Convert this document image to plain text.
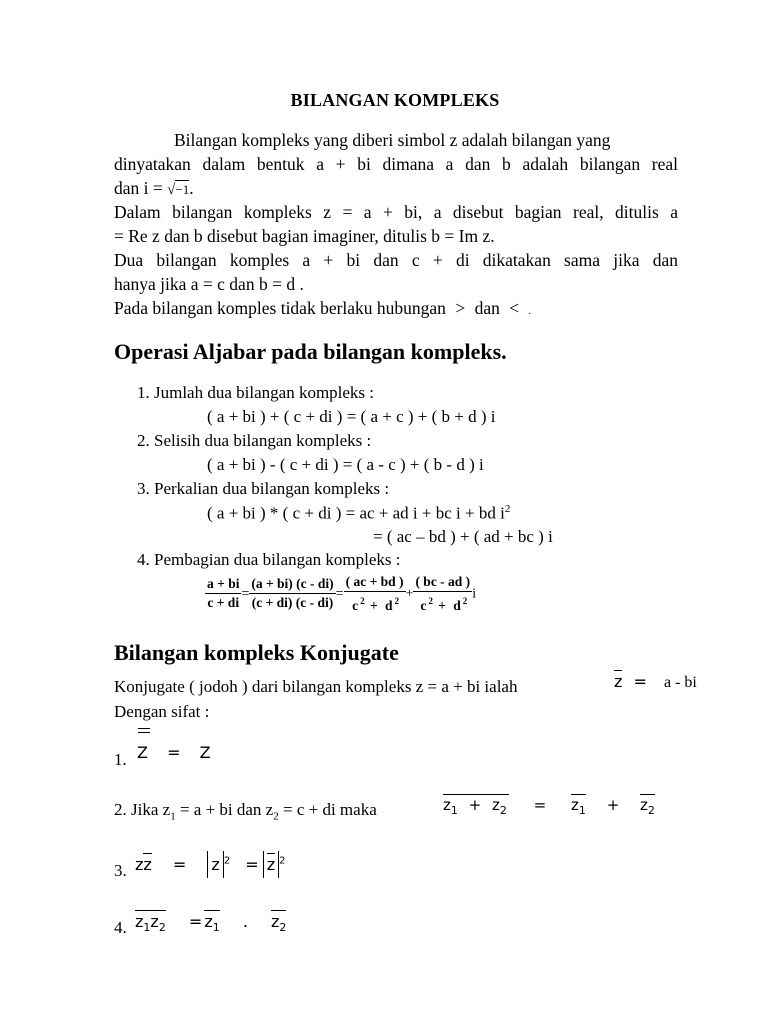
BILANGAN KOMPLEKS
Bilangan kompleks yang diberi simbol z adalah bilangan yang
dinyatakan dalam bentuk a + bi dimana a dan b adalah bilangan real
dan i = √−1.
Dalam bilangan kompleks z = a + bi, a disebut bagian real, ditulis a
= Re z dan b disebut bagian imaginer, ditulis b = Im z.
Dua bilangan komples a + bi dan c + di dikatakan sama jika dan
hanya jika a = c dan b = d .
Pada bilangan komples tidak berlaku hubungan > dan < .
Operasi Aljabar pada bilangan kompleks.
1. Jumlah dua bilangan kompleks :
( a + bi ) + ( c + di ) = ( a + c ) + ( b + d ) i
2. Selisih dua bilangan kompleks :
( a + bi ) - ( c + di ) = ( a - c ) + ( b - d ) i
3. Perkalian dua bilangan kompleks :
( a + bi ) * ( c + di ) = ac + ad i + bc i + bd $i^2$
= ( ac – bd ) + ( ad + bc ) i
4. Pembagian dua bilangan kompleks :
$\frac{a + bi}{c + di} = \frac{(a + bi) (c - di)}{(c + di) (c - di)} = \frac{( ac + bd )}{c ^2 + d ^2} + \frac{( bc - ad )}{c ^2 + d ^2}$ i
Bilangan kompleks Konjugate
Konjugate ( jodoh ) dari bilangan kompleks z = a + bi ialah	z = a - bi
Dengan sifat :
1. Z = Z
2. Jika $z_1 = a$ + bi dan $z_2 = c$ + di maka	$z_1 + z_2 = z_1 + z_2$
3. zz = z $^2$ = z $^2$
4. $z_1z_2 = z_1$ . $z_2$
